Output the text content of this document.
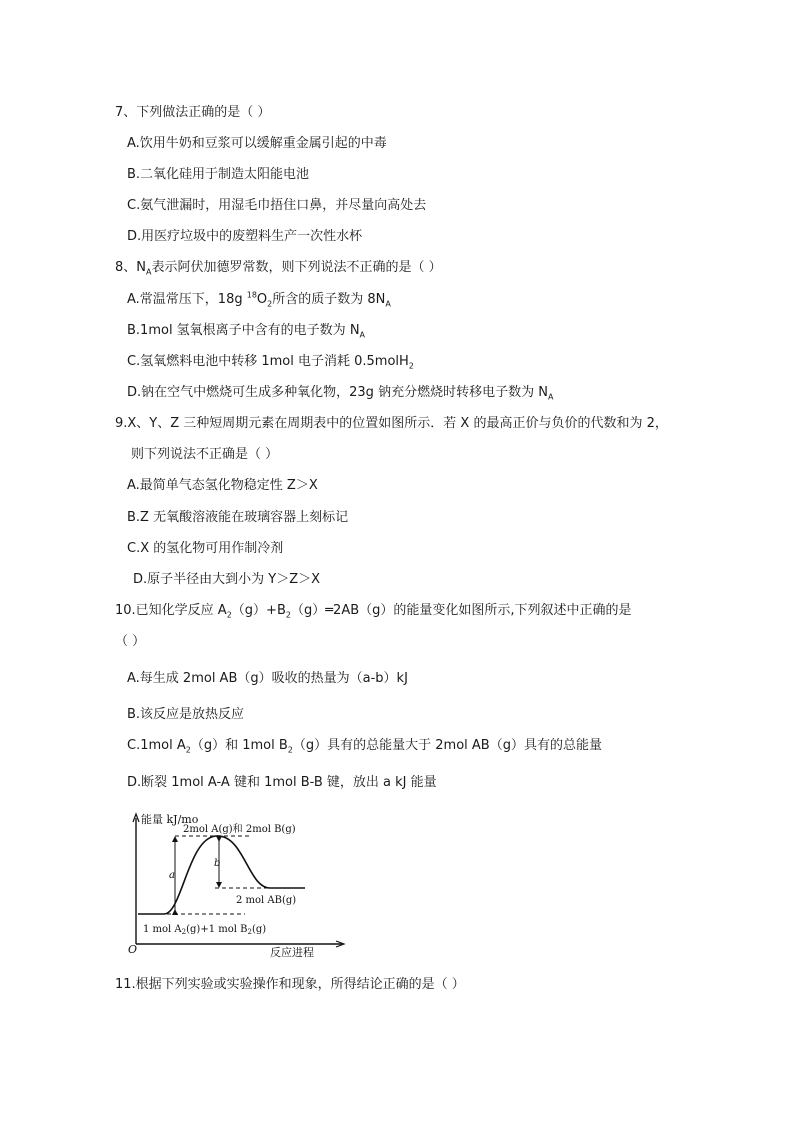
7、下列做法正确的是（ ）
A.饮用牛奶和豆浆可以缓解重金属引起的中毒
B.二氧化硅用于制造太阳能电池
C.氨气泄漏时，用湿毛巾捂住口鼻，并尽量向高处去
D.用医疗垃圾中的废塑料生产一次性水杯
8、$N_A$表示阿伏加德罗常数，则下列说法不正确的是（ ）
A.常温常压下，18g $^{18}O_2$所含的质子数为 $8N_A$
B.1mol 氢氧根离子中含有的电子数为 $N_A$
C.氢氧燃料电池中转移 1mol 电子消耗 0.5molH$_2$
D.钠在空气中燃烧可生成多种氧化物，23g 钠充分燃烧时转移电子数为 $N_A$
9.X、Y、Z 三种短周期元素在周期表中的位置如图所示．若 X 的最高正价与负价的代数和为 2，
则下列说法不正确是（ ）
A.最简单气态氢化物稳定性 Z＞X
B.Z 无氧酸溶液能在玻璃容器上刻标记
C.X 的氢化物可用作制冷剂
D.原子半径由大到小为 Y＞Z＞X
10.已知化学反应 $A_2(g)+B_2(g)═2AB(g)$的能量变化如图所示,下列叙述中正确的是
（ ）
A.每生成 2mol AB（g）吸收的热量为（a-b）kJ
B.该反应是放热反应
C.1mol $A_2(g)$和 1mol $B_2(g)$具有的总能量大于 2mol AB（g）具有的总能量
D.断裂 1mol A-A 键和 1mol B-B 键，放出 a kJ 能量
能量 kJ/mo
O	反应进程
a
b
2mol A(g)和 2mol B(g)
2 mol AB(g)
1 mol $A_2(g)+1$ mol $B_2(g)$
11.根据下列实验或实验操作和现象，所得结论正确的是（ ）
